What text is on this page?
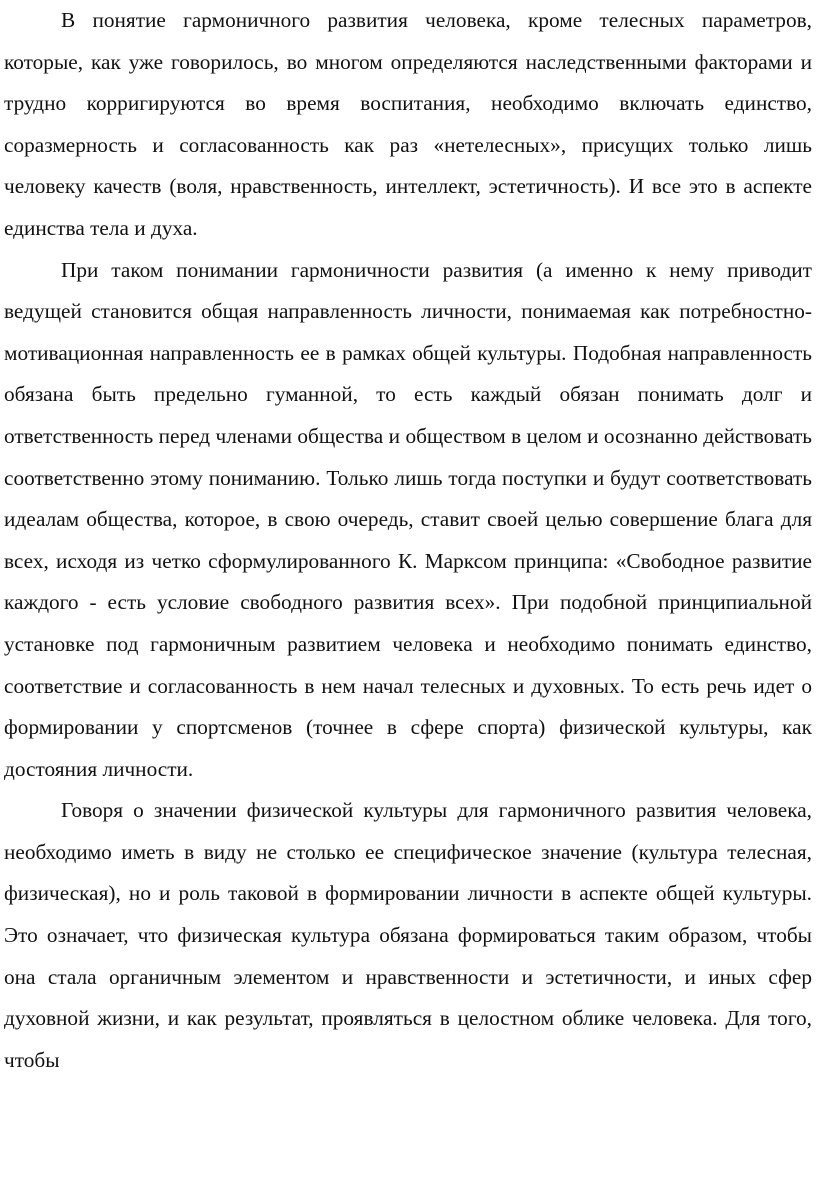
В понятие гармоничного развития человека, кроме телесных параметров, которые, как уже говорилось, во многом определяются наследственными факторами и трудно корригируются во время воспитания, необходимо включать единство, соразмерность и согласованность как раз «нетелесных», присущих только лишь человеку качеств (воля, нравственность, интеллект, эстетичность). И все это в аспекте единства тела и духа.

При таком понимании гармоничности развития (а именно к нему приводит ведущей становится общая направленность личности, понимаемая как потребностно-мотивационная направленность ее в рамках общей культуры. Подобная направленность обязана быть предельно гуманной, то есть каждый обязан понимать долг и ответственность перед членами общества и обществом в целом и осознанно действовать соответственно этому пониманию. Только лишь тогда поступки и будут соответствовать идеалам общества, которое, в свою очередь, ставит своей целью совершение блага для всех, исходя из четко сформулированного К. Марксом принципа: «Свободное развитие каждого - есть условие свободного развития всех». При подобной принципиальной установке под гармоничным развитием человека и необходимо понимать единство, соответствие и согласованность в нем начал телесных и духовных. То есть речь идет о формировании у спортсменов (точнее в сфере спорта) физической культуры, как достояния личности.

Говоря о значении физической культуры для гармоничного развития человека, необходимо иметь в виду не столько ее специфическое значение (культура телесная, физическая), но и роль таковой в формировании личности в аспекте общей культуры. Это означает, что физическая культура обязана формироваться таким образом, чтобы она стала органичным элементом и нравственности и эстетичности, и иных сфер духовной жизни, и как результат, проявляться в целостном облике человека. Для того, чтобы
